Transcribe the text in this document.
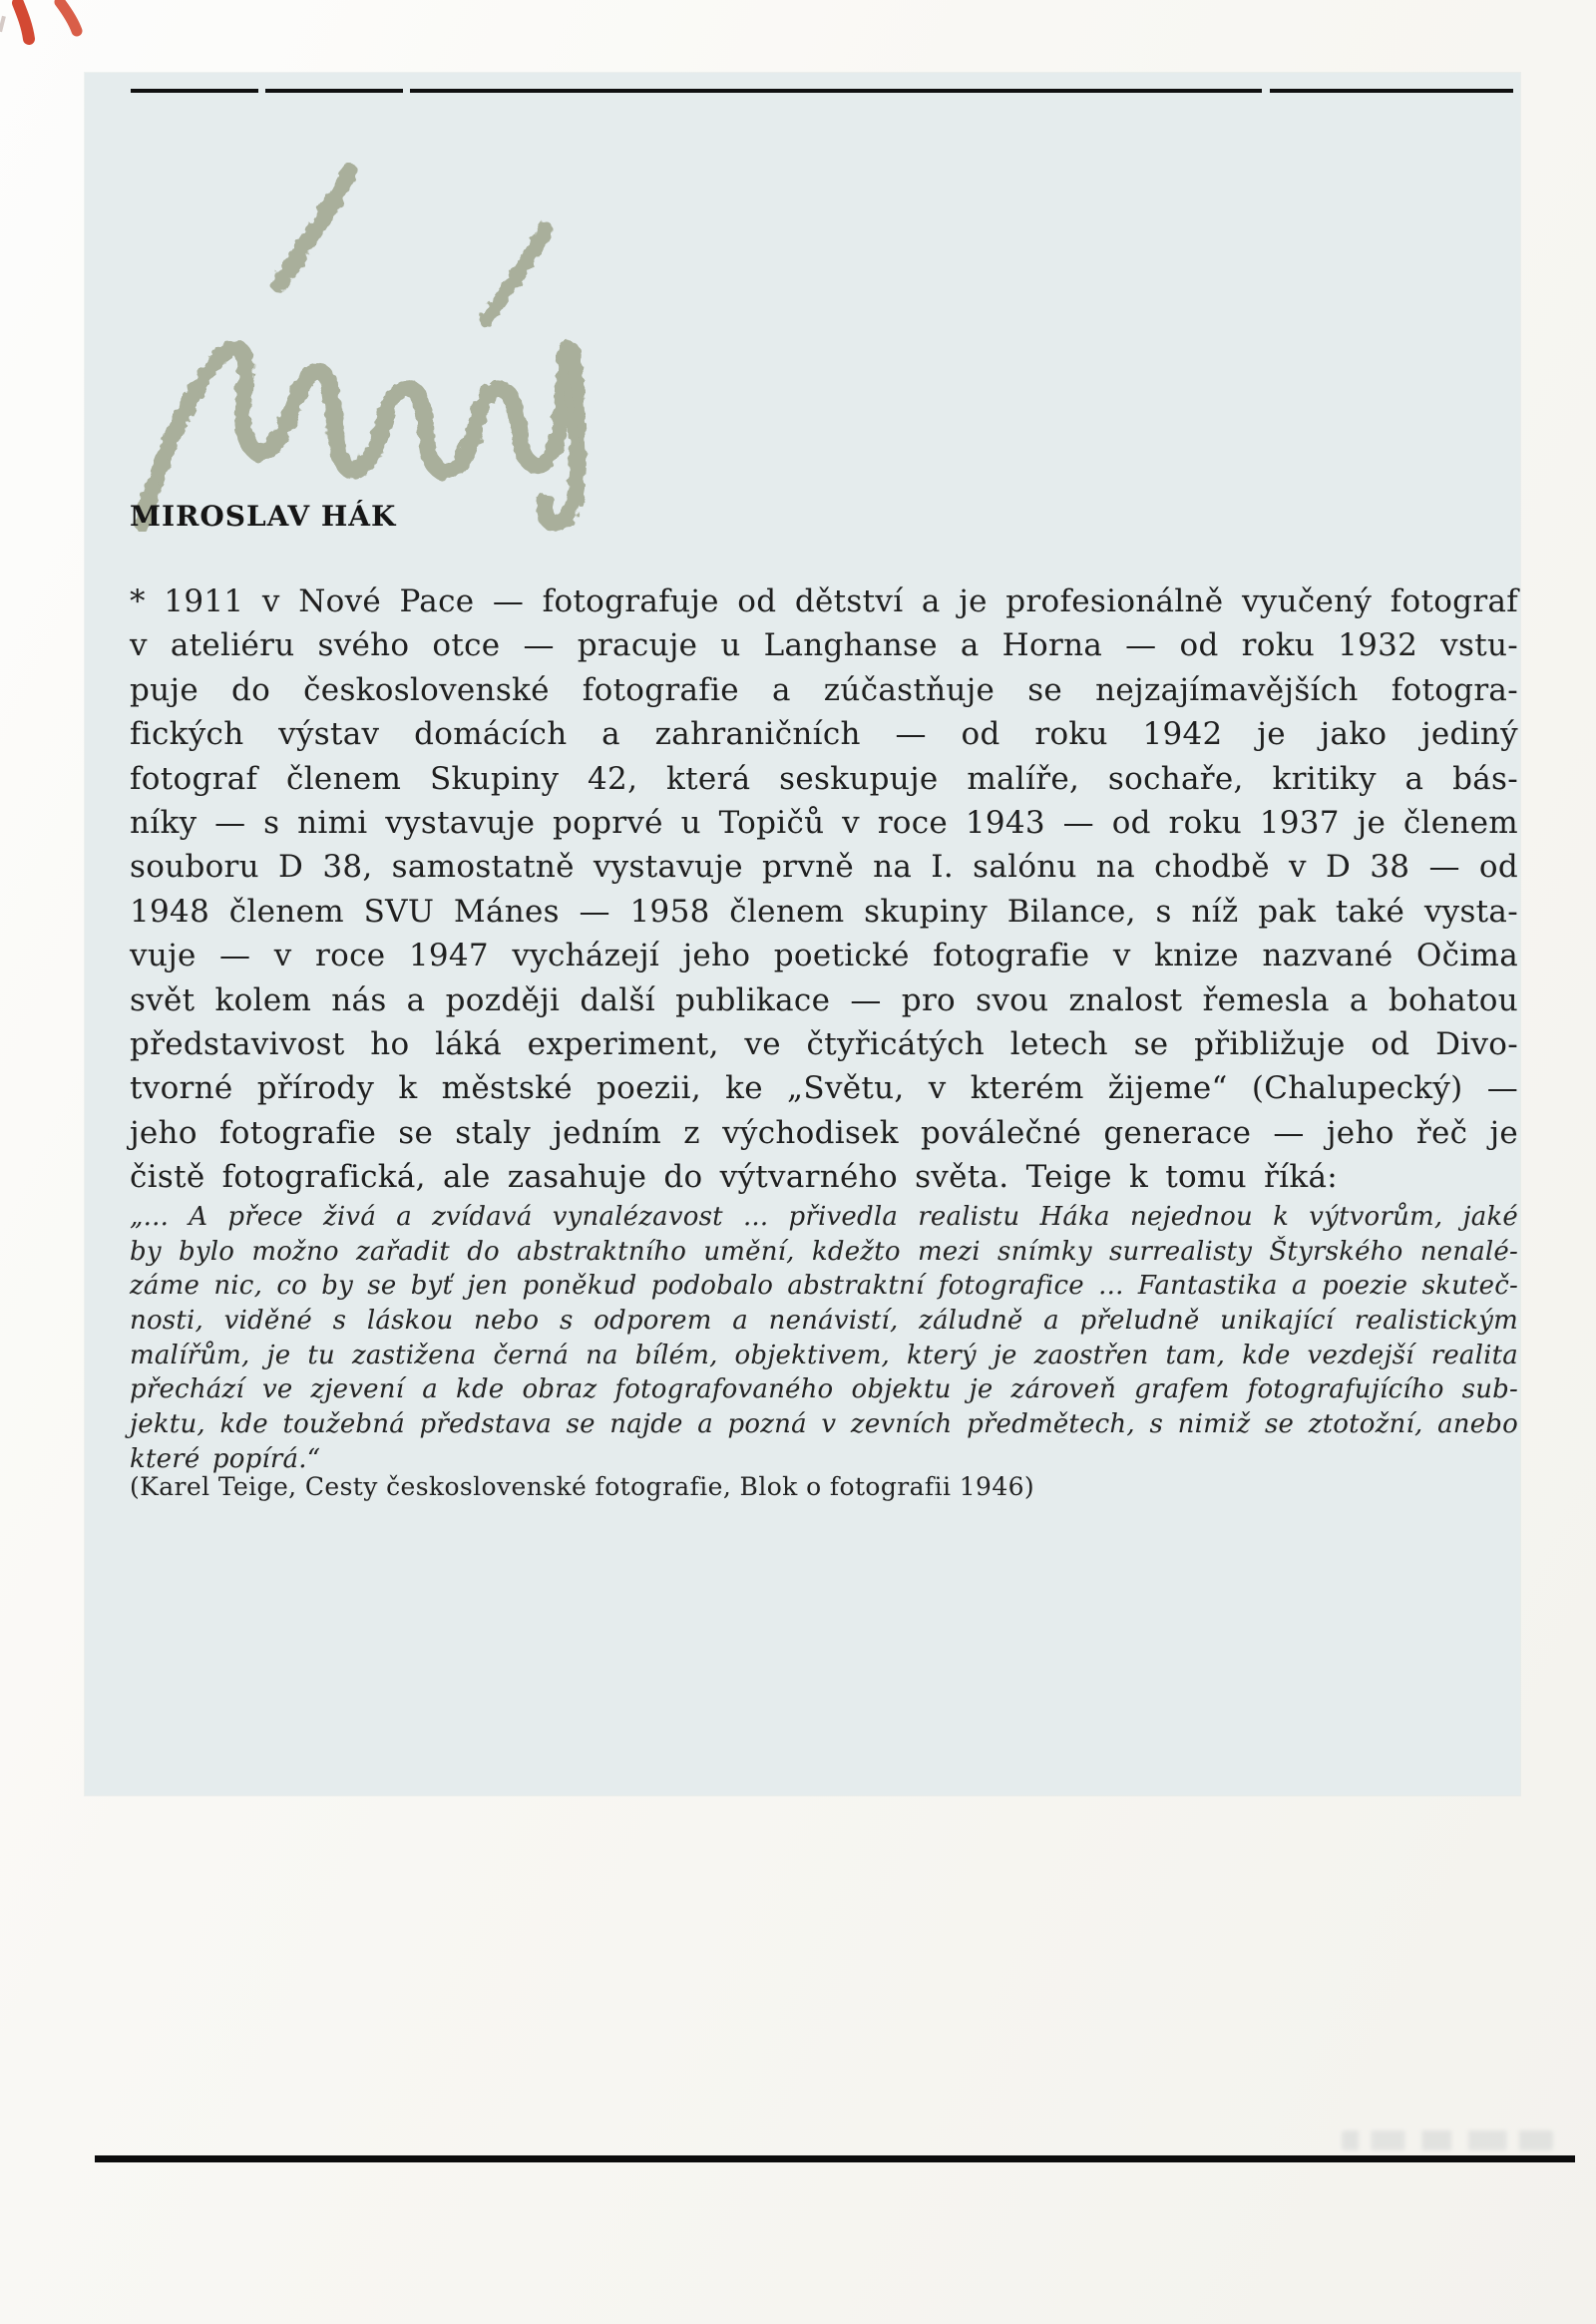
MIROSLAV HÁK
* 1911 v Nové Pace — fotografuje od dětství a je profesionálně vyučený fotograf
v ateliéru svého otce — pracuje u Langhanse a Horna — od roku 1932 vstu-
puje do československé fotografie a zúčastňuje se nejzajímavějších fotogra-
fických výstav domácích a zahraničních — od roku 1942 je jako jediný
fotograf členem Skupiny 42, která seskupuje malíře, sochaře, kritiky a bás-
níky — s nimi vystavuje poprvé u Topičů v roce 1943 — od roku 1937 je členem
souboru D 38, samostatně vystavuje prvně na I. salónu na chodbě v D 38 — od
1948 členem SVU Mánes — 1958 členem skupiny Bilance, s níž pak také vysta-
vuje — v roce 1947 vycházejí jeho poetické fotografie v knize nazvané Očima
svět kolem nás a později další publikace — pro svou znalost řemesla a bohatou
představivost ho láká experiment, ve čtyřicátých letech se přibližuje od Divo-
tvorné přírody k městské poezii, ke „Světu, v kterém žijeme“ (Chalupecký) —
jeho fotografie se staly jedním z východisek poválečné generace — jeho řeč je
čistě fotografická, ale zasahuje do výtvarného světa. Teige k tomu říká:
„... A přece živá a zvídavá vynalézavost ... přivedla realistu Háka nejednou k výtvorům, jaké
by bylo možno zařadit do abstraktního umění, kdežto mezi snímky surrealisty Štyrského nenalé-
záme nic, co by se byť jen poněkud podobalo abstraktní fotografice ... Fantastika a poezie skuteč-
nosti, viděné s láskou nebo s odporem a nenávistí, záludně a přeludně unikající realistickým
malířům, je tu zastižena černá na bílém, objektivem, který je zaostřen tam, kde vezdejší realita
přechází ve zjevení a kde obraz fotografovaného objektu je zároveň grafem fotografujícího sub-
jektu, kde toužebná představa se najde a pozná v zevních předmětech, s nimiž se ztotožní, anebo
které popírá.“
(Karel Teige, Cesty československé fotografie, Blok o fotografii 1946)
